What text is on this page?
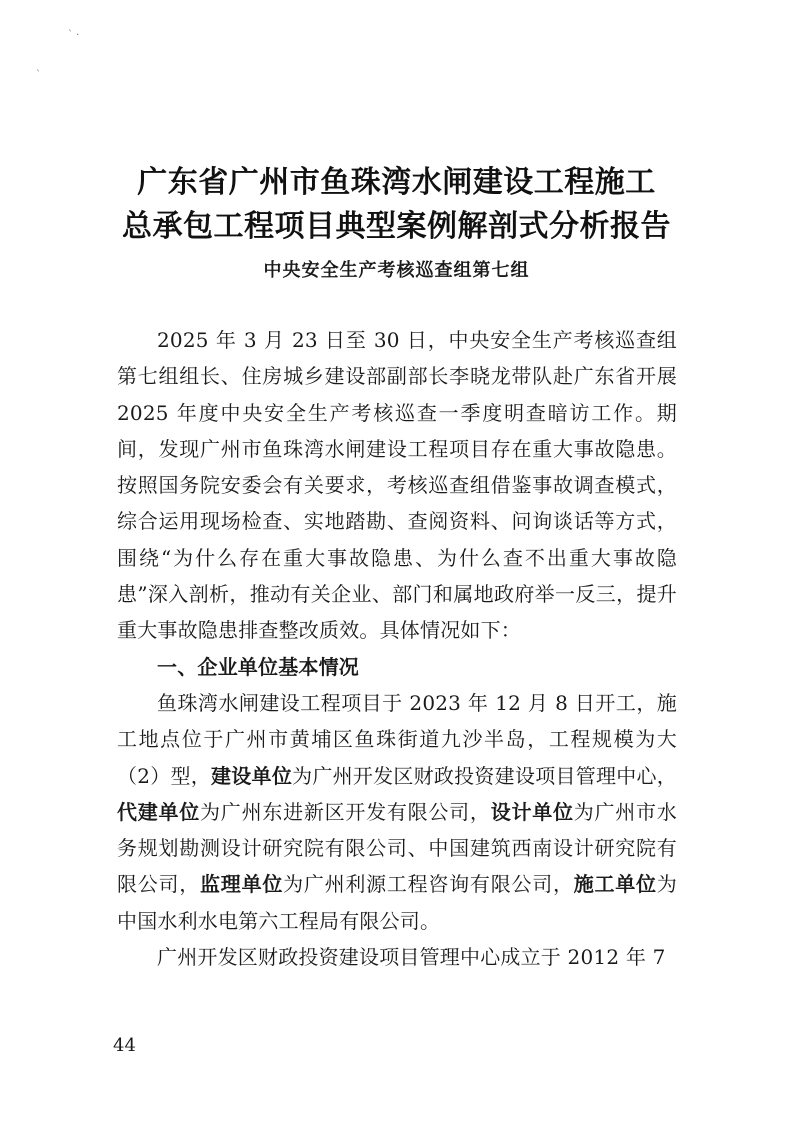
` ·
`
广东省广州市鱼珠湾水闸建设工程施工
总承包工程项目典型案例解剖式分析报告
中央安全生产考核巡查组第七组

2025 年 3 月 23 日至 30 日，中央安全生产考核巡查组第七组组长、住房城乡建设部副部长李晓龙带队赴广东省开展 2025 年度中央安全生产考核巡查一季度明查暗访工作。期间，发现广州市鱼珠湾水闸建设工程项目存在重大事故隐患。按照国务院安委会有关要求，考核巡查组借鉴事故调查模式，综合运用现场检查、实地踏勘、查阅资料、问询谈话等方式，围绕“为什么存在重大事故隐患、为什么查不出重大事故隐患”深入剖析，推动有关企业、部门和属地政府举一反三，提升重大事故隐患排查整改质效。具体情况如下：

一、企业单位基本情况

鱼珠湾水闸建设工程项目于 2023 年 12 月 8 日开工，施工地点位于广州市黄埔区鱼珠街道九沙半岛，工程规模为大（2）型，建设单位为广州开发区财政投资建设项目管理中心，代建单位为广州东进新区开发有限公司，设计单位为广州市水务规划勘测设计研究院有限公司、中国建筑西南设计研究院有限公司，监理单位为广州利源工程咨询有限公司，施工单位为中国水利水电第六工程局有限公司。

广州开发区财政投资建设项目管理中心成立于 2012 年 7

44
